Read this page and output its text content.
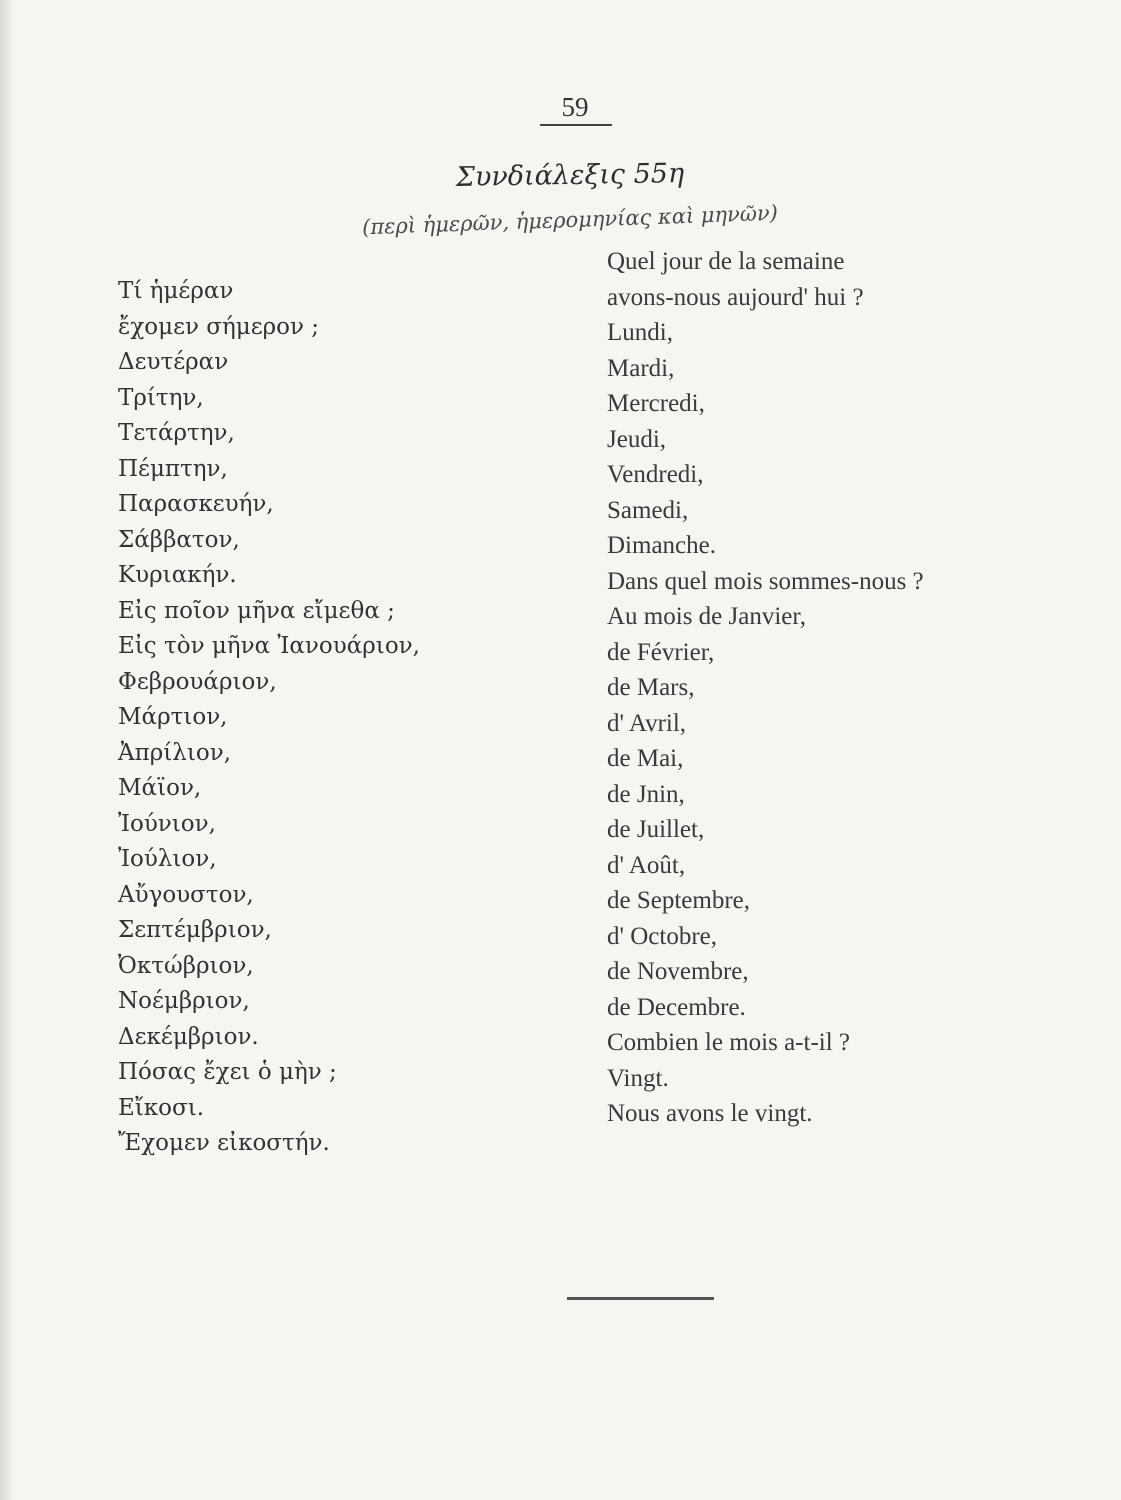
59
Συνδιάλεξις 55η
(περὶ ἡμερῶν, ἡμερομηνίας καὶ μηνῶν)
Τί ἡμέραν
ἔχομεν σήμερον ;
Δευτέραν
Τρίτην,
Τετάρτην,
Πέμπτην,
Παρασκευήν,
Σάββατον,
Κυριακήν.
Εἰς ποῖον μῆνα εἴμεθα ;
Εἰς τὸν μῆνα Ἰανουάριον,
Φεβρουάριον,
Μάρτιον,
Ἀπρίλιον,
Μάϊον,
Ἰούνιον,
Ἰούλιον,
Αὔγουστον,
Σεπτέμβριον,
Ὀκτώβριον,
Νοέμβριον,
Δεκέμβριον.
Πόσας ἔχει ὁ μὴν ;
Εἴκοσι.
Ἔχομεν εἰκοστήν.
Quel jour de la semaine
avons-nous aujourd' hui ?
Lundi,
Mardi,
Mercredi,
Jeudi,
Vendredi,
Samedi,
Dimanche.
Dans quel mois sommes-nous ?
Au mois de Janvier,
de Février,
de Mars,
d' Avril,
de Mai,
de Jnin,
de Juillet,
d' Août,
de Septembre,
d' Octobre,
de Novembre,
de Decembre.
Combien le mois a-t-il ?
Vingt.
Nous avons le vingt.
